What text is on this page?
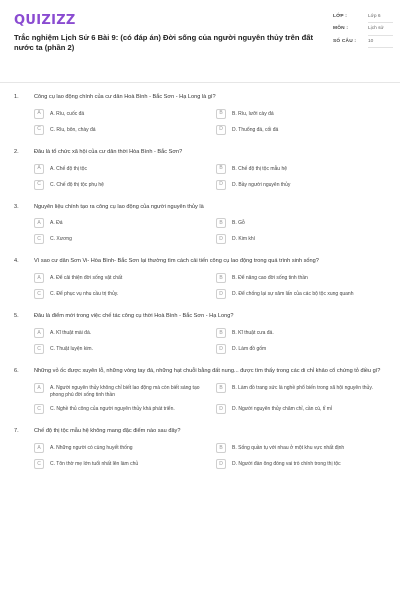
QUIZIZZ
Trắc nghiệm Lịch Sử 6 Bài 9: (có đáp án) Đời sống của người nguyên thủy trên đất nước ta (phần 2)
LỚP :	Lớp 6
MÔN :	Lịch sử
SỐ CÂU :	10
1.	Công cụ lao động chính của cư dân Hoà Bình - Bắc Sơn - Hạ Long là gì?
A	A. Rìu, cuốc đá	B	B. Rìu, lưỡi cày đá
C	C. Rìu, bôn, chày đá	D	D. Thuổng đá, cối đá
2.	Đâu là tổ chức xã hội của cư dân thời Hòa Bình - Bắc Sơn?
A	A. Chế độ thị tộc	B	B. Chế độ thị tộc mẫu hệ
C	C. Chế độ thị tộc phụ hệ	D	D. Bầy người nguyên thủy
3.	Nguyên liệu chính tạo ra công cụ lao động của người nguyên thủy là
A	A. Đá	B	B. Gỗ
C	C. Xương	D	D. Kim khí
4.	Vì sao cư dân Sơn Vi- Hòa Bình- Bắc Sơn lại thường tìm cách cải tiến công cụ lao động trong quá trình sinh sống?
A	A. Để cải thiện đời sống vật chất	B	B. Để nâng cao đời sống tinh thần
C	C. Để phục vụ nhu cầu trị thủy.	D	D. Để chống lại sự xâm lấn của các bộ tộc xung quanh
5.	Đâu là điểm mới trong việc chế tác công cụ thời Hoà Bình - Bắc Sơn - Hạ Long?
A	A. Kĩ thuật mài đá.	B	B. Kĩ thuật cưa đá.
C	C. Thuật luyện kim.	D	D. Làm đồ gốm
6.	Những vỏ ốc được xuyên lỗ, những vòng tay đá, những hạt chuỗi bằng đất nung... được tìm thấy trong các di chỉ khảo cổ chứng tỏ điều gì?
A	A. Người nguyên thủy không chỉ biết lao động mà còn biết sáng tạo phong phú đời sống tinh thần
B	B. Làm đồ trang sức là nghề phổ biến trong xã hội nguyên thủy.
C	C. Nghề thủ công của người nguyên thủy khá phát triển.	D	D. Người nguyên thủy chăm chỉ, cần cù, tỉ mỉ
7.	Chế độ thị tộc mẫu hệ không mang đặc điểm nào sau đây?
A	A. Những người có cùng huyết thống	B	B. Sống quần tụ với nhau ở một khu vực nhất định
C	C. Tôn thờ mẹ lớn tuổi nhất lên làm chủ	D	D. Người đàn ông đóng vai trò chính trong thị tộc
